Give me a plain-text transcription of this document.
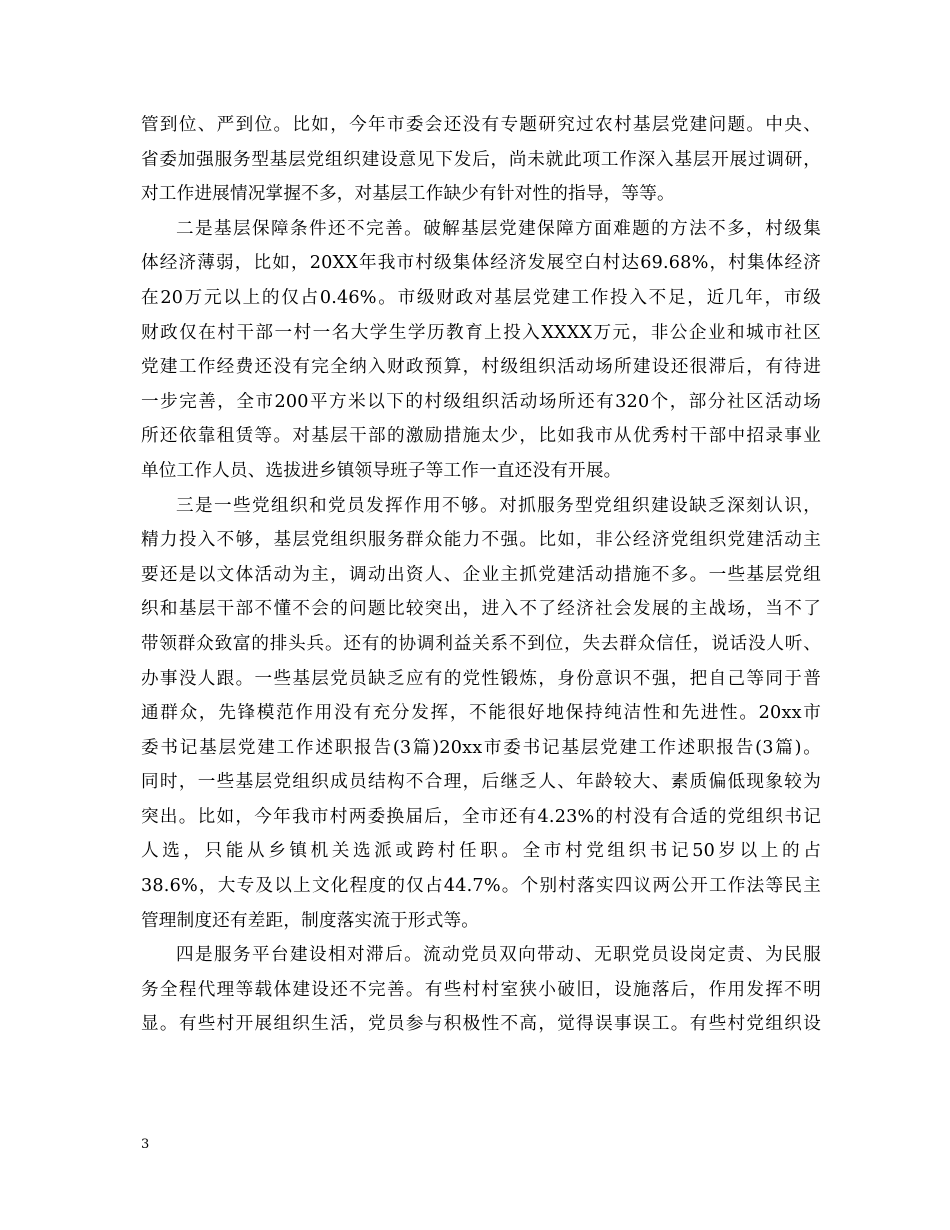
管到位、严到位。比如，今年市委会还没有专题研究过农村基层党建问题。中央、
省委加强服务型基层党组织建设意见下发后，尚未就此项工作深入基层开展过调研，
对工作进展情况掌握不多，对基层工作缺少有针对性的指导，等等。
二是基层保障条件还不完善。破解基层党建保障方面难题的方法不多，村级集
体经济薄弱，比如，20XX年我市村级集体经济发展空白村达69.68%，村集体经济
在20万元以上的仅占0.46%。市级财政对基层党建工作投入不足，近几年，市级
财政仅在村干部一村一名大学生学历教育上投入XXXX万元，非公企业和城市社区
党建工作经费还没有完全纳入财政预算，村级组织活动场所建设还很滞后，有待进
一步完善，全市200平方米以下的村级组织活动场所还有320个，部分社区活动场
所还依靠租赁等。对基层干部的激励措施太少，比如我市从优秀村干部中招录事业
单位工作人员、选拔进乡镇领导班子等工作一直还没有开展。
三是一些党组织和党员发挥作用不够。对抓服务型党组织建设缺乏深刻认识，
精力投入不够，基层党组织服务群众能力不强。比如，非公经济党组织党建活动主
要还是以文体活动为主，调动出资人、企业主抓党建活动措施不多。一些基层党组
织和基层干部不懂不会的问题比较突出，进入不了经济社会发展的主战场，当不了
带领群众致富的排头兵。还有的协调利益关系不到位，失去群众信任，说话没人听、
办事没人跟。一些基层党员缺乏应有的党性锻炼，身份意识不强，把自己等同于普
通群众，先锋模范作用没有充分发挥，不能很好地保持纯洁性和先进性。20xx市
委书记基层党建工作述职报告(3篇)20xx市委书记基层党建工作述职报告(3篇)。
同时，一些基层党组织成员结构不合理，后继乏人、年龄较大、素质偏低现象较为
突出。比如，今年我市村两委换届后，全市还有4.23%的村没有合适的党组织书记
人选，只能从乡镇机关选派或跨村任职。全市村党组织书记50岁以上的占
38.6%，大专及以上文化程度的仅占44.7%。个别村落实四议两公开工作法等民主
管理制度还有差距，制度落实流于形式等。
四是服务平台建设相对滞后。流动党员双向带动、无职党员设岗定责、为民服
务全程代理等载体建设还不完善。有些村村室狭小破旧，设施落后，作用发挥不明
显。有些村开展组织生活，党员参与积极性不高，觉得误事误工。有些村党组织设
3
